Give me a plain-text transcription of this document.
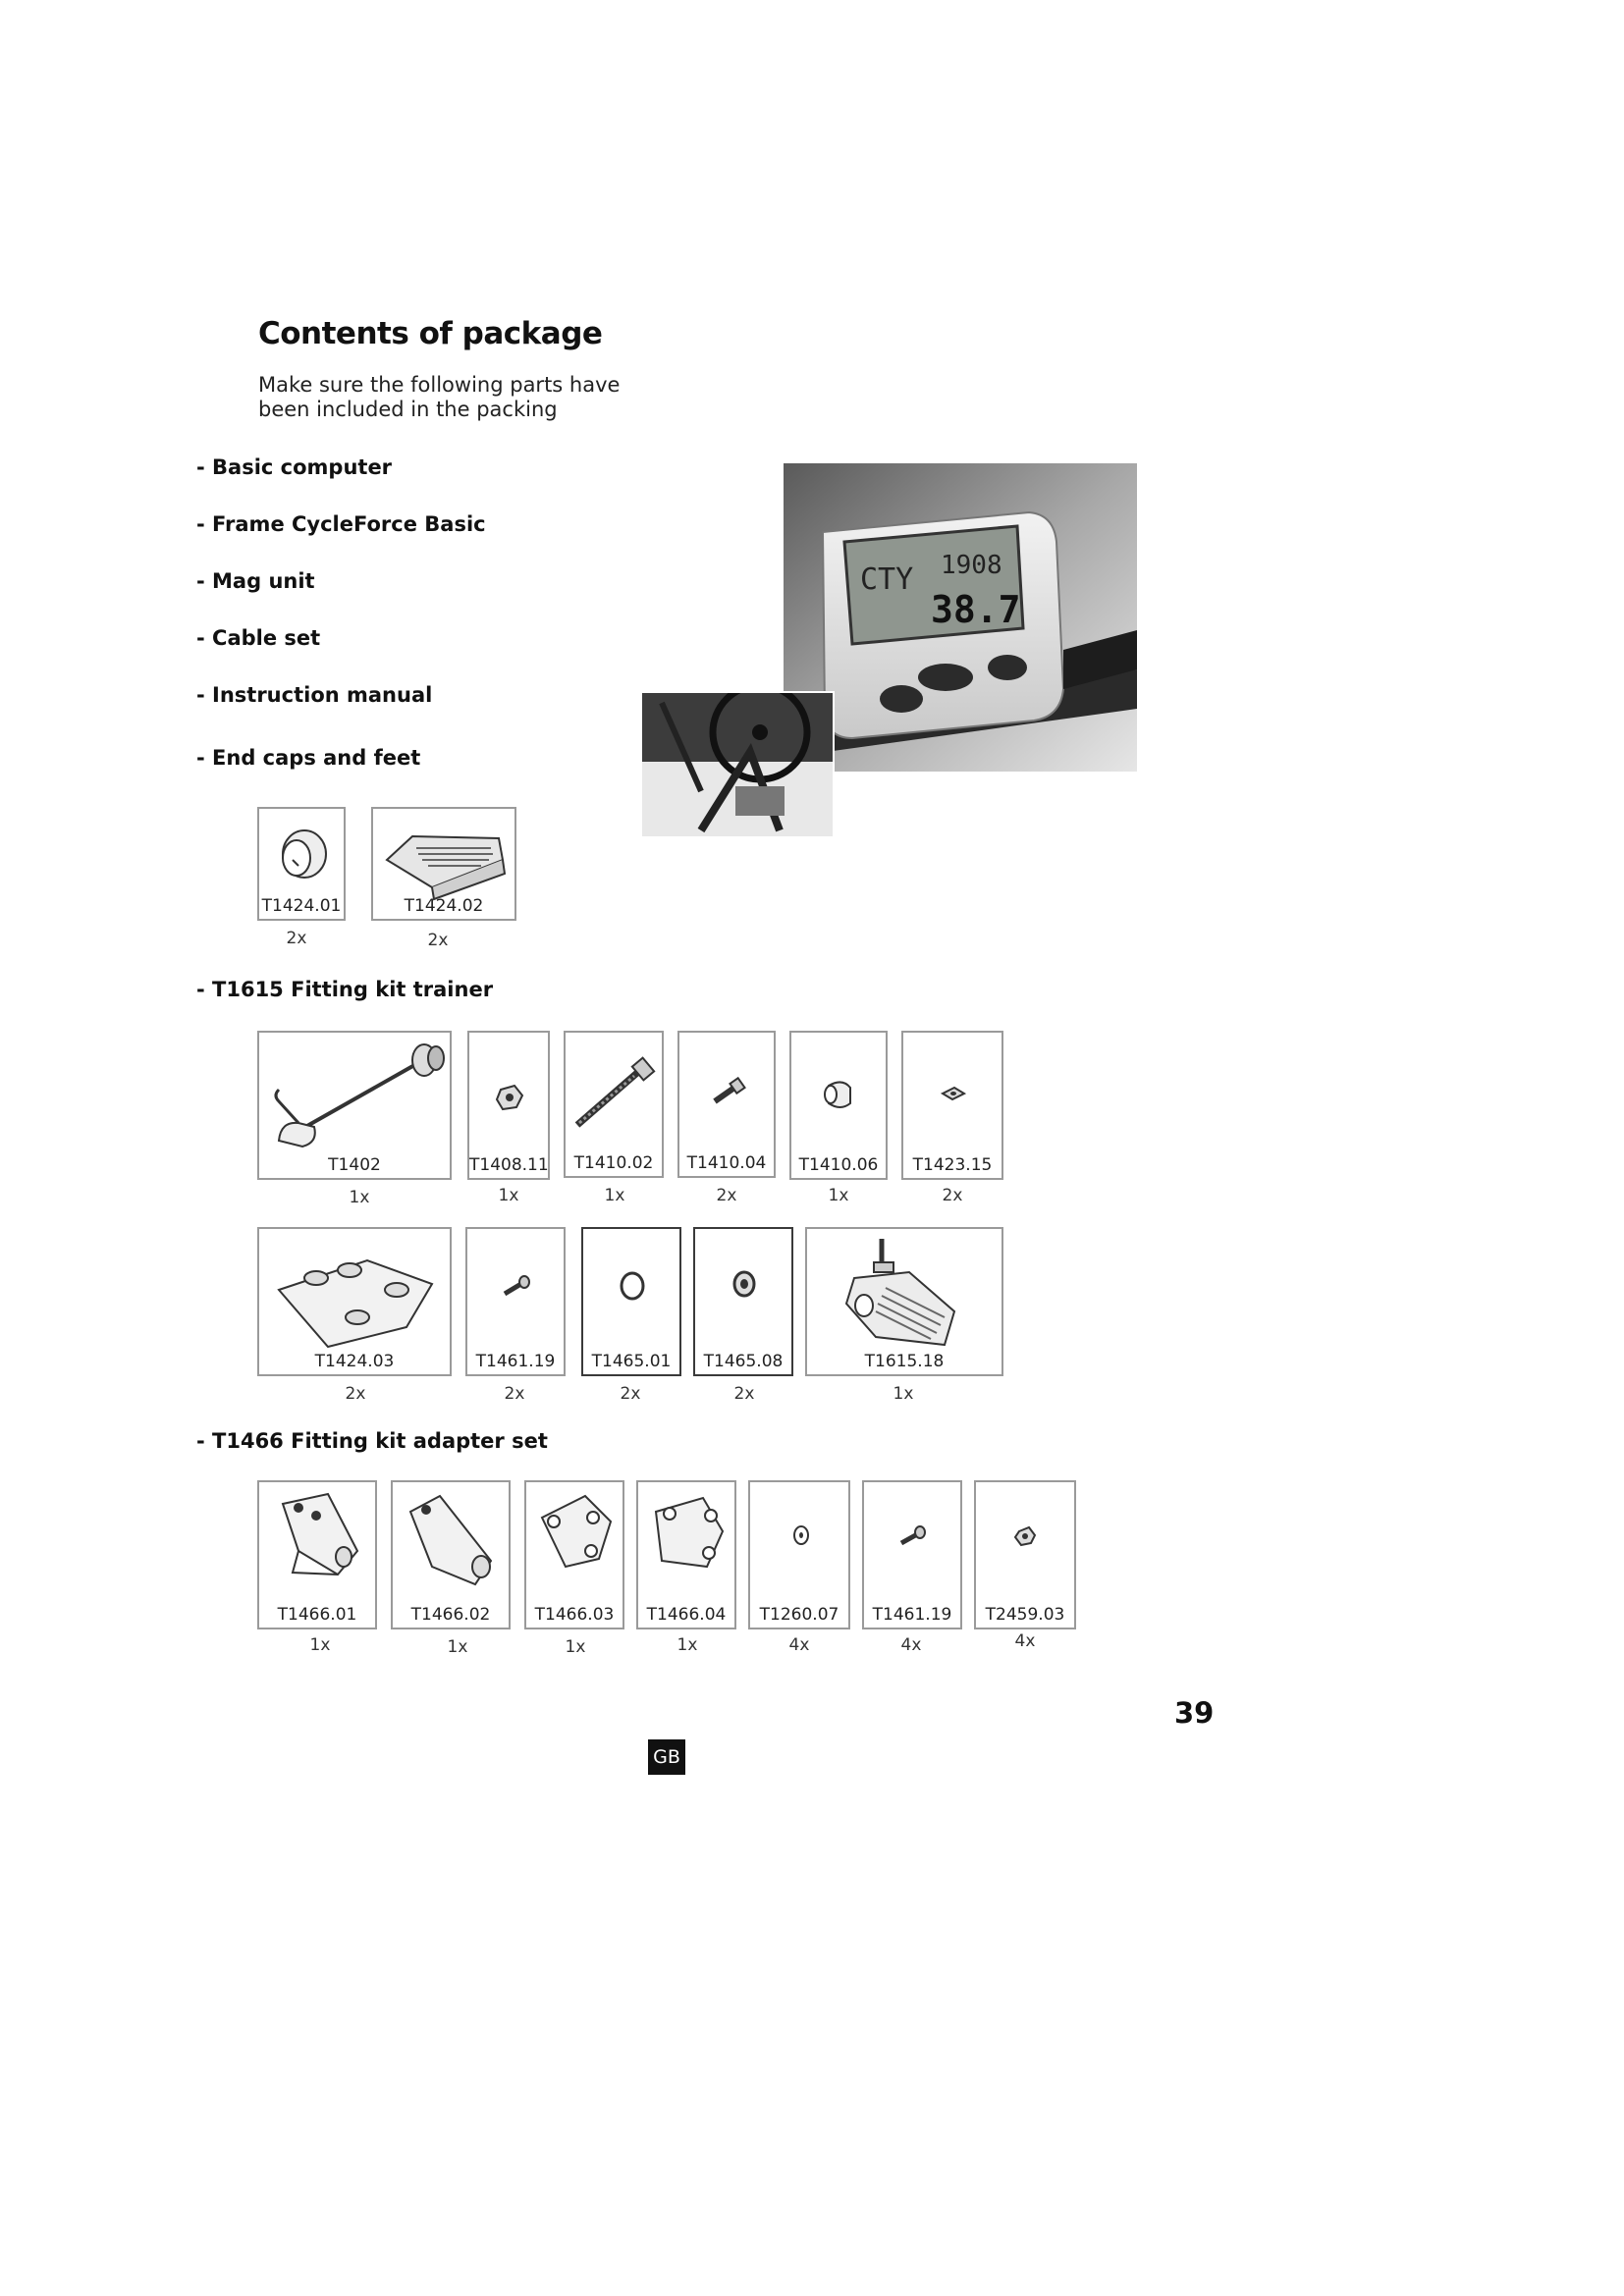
Contents of package
Make sure the following parts have
been included in the packing
- Basic computer
- Frame CycleForce Basic
- Mag unit
- Cable set
- Instruction manual
- End caps and feet
CTY 1908
38.7
T1424.01
2x
T1424.02
2x
- T1615 Fitting kit trainer
T1402
1x
T1408.11
1x
T1410.02
1x
T1410.04
2x
T1410.06
1x
T1423.15
2x
T1424.03
2x
T1461.19
2x
T1465.01
2x
T1465.08
2x
T1615.18
1x
- T1466 Fitting kit adapter set
T1466.01
1x
T1466.02
1x
T1466.03
1x
T1466.04
1x
T1260.07
4x
T1461.19
4x
T2459.03
4x
39
GB
